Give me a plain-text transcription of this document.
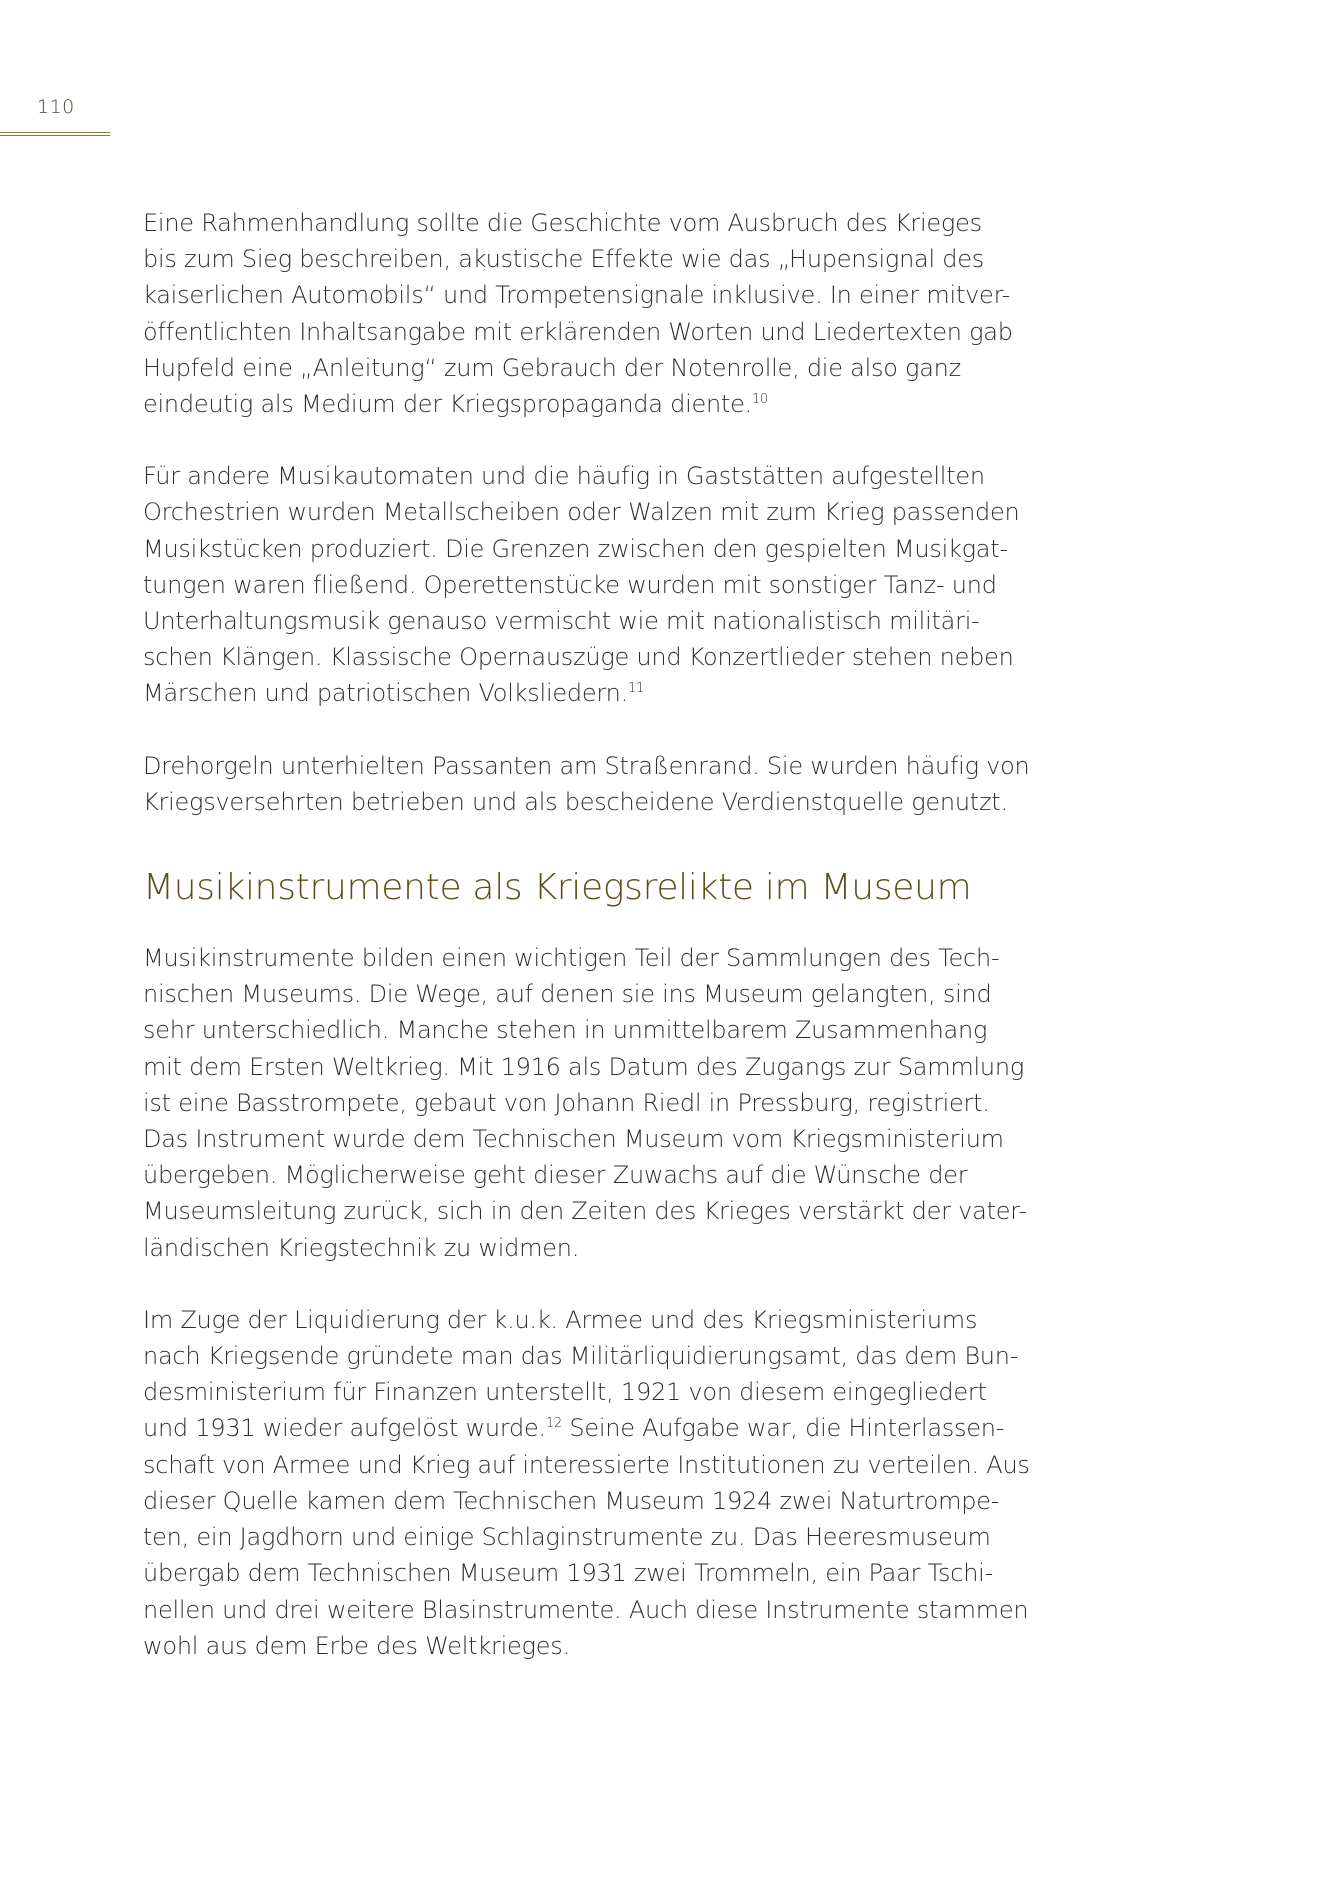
110

Eine Rahmenhandlung sollte die Geschichte vom Ausbruch des Krieges
bis zum Sieg beschreiben, akustische Effekte wie das „Hupensignal des
kaiserlichen Automobils“ und Trompetensignale inklusive. In einer mitver-
öffentlichten Inhaltsangabe mit erklärenden Worten und Liedertexten gab
Hupfeld eine „Anleitung“ zum Gebrauch der Notenrolle, die also ganz
eindeutig als Medium der Kriegspropaganda diente.$^{10}$

Für andere Musikautomaten und die häufig in Gaststätten aufgestellten
Orchestrien wurden Metallscheiben oder Walzen mit zum Krieg passenden
Musikstücken produziert. Die Grenzen zwischen den gespielten Musikgat-
tungen waren fließend. Operettenstücke wurden mit sonstiger Tanz- und
Unterhaltungsmusik genauso vermischt wie mit nationalistisch militäri-
schen Klängen. Klassische Opernauszüge und Konzertlieder stehen neben
Märschen und patriotischen Volksliedern.$^{11}$

Drehorgeln unterhielten Passanten am Straßenrand. Sie wurden häufig von
Kriegsversehrten betrieben und als bescheidene Verdienstquelle genutzt.

Musikinstrumente als Kriegsrelikte im Museum

Musikinstrumente bilden einen wichtigen Teil der Sammlungen des Tech-
nischen Museums. Die Wege, auf denen sie ins Museum gelangten, sind
sehr unterschiedlich. Manche stehen in unmittelbarem Zusammenhang
mit dem Ersten Weltkrieg. Mit 1916 als Datum des Zugangs zur Sammlung
ist eine Basstrompete, gebaut von Johann Riedl in Pressburg, registriert.
Das Instrument wurde dem Technischen Museum vom Kriegsministerium
übergeben. Möglicherweise geht dieser Zuwachs auf die Wünsche der
Museumsleitung zurück, sich in den Zeiten des Krieges verstärkt der vater-
ländischen Kriegstechnik zu widmen.

Im Zuge der Liquidierung der k.u.k. Armee und des Kriegsministeriums
nach Kriegsende gründete man das Militärliquidierungsamt, das dem Bun-
desministerium für Finanzen unterstellt, 1921 von diesem eingegliedert
und 1931 wieder aufgelöst wurde.$^{12}$ Seine Aufgabe war, die Hinterlassen-
schaft von Armee und Krieg auf interessierte Institutionen zu verteilen. Aus
dieser Quelle kamen dem Technischen Museum 1924 zwei Naturtrompe-
ten, ein Jagdhorn und einige Schlaginstrumente zu. Das Heeresmuseum
übergab dem Technischen Museum 1931 zwei Trommeln, ein Paar Tschi-
nellen und drei weitere Blasinstrumente. Auch diese Instrumente stammen
wohl aus dem Erbe des Weltkrieges.
